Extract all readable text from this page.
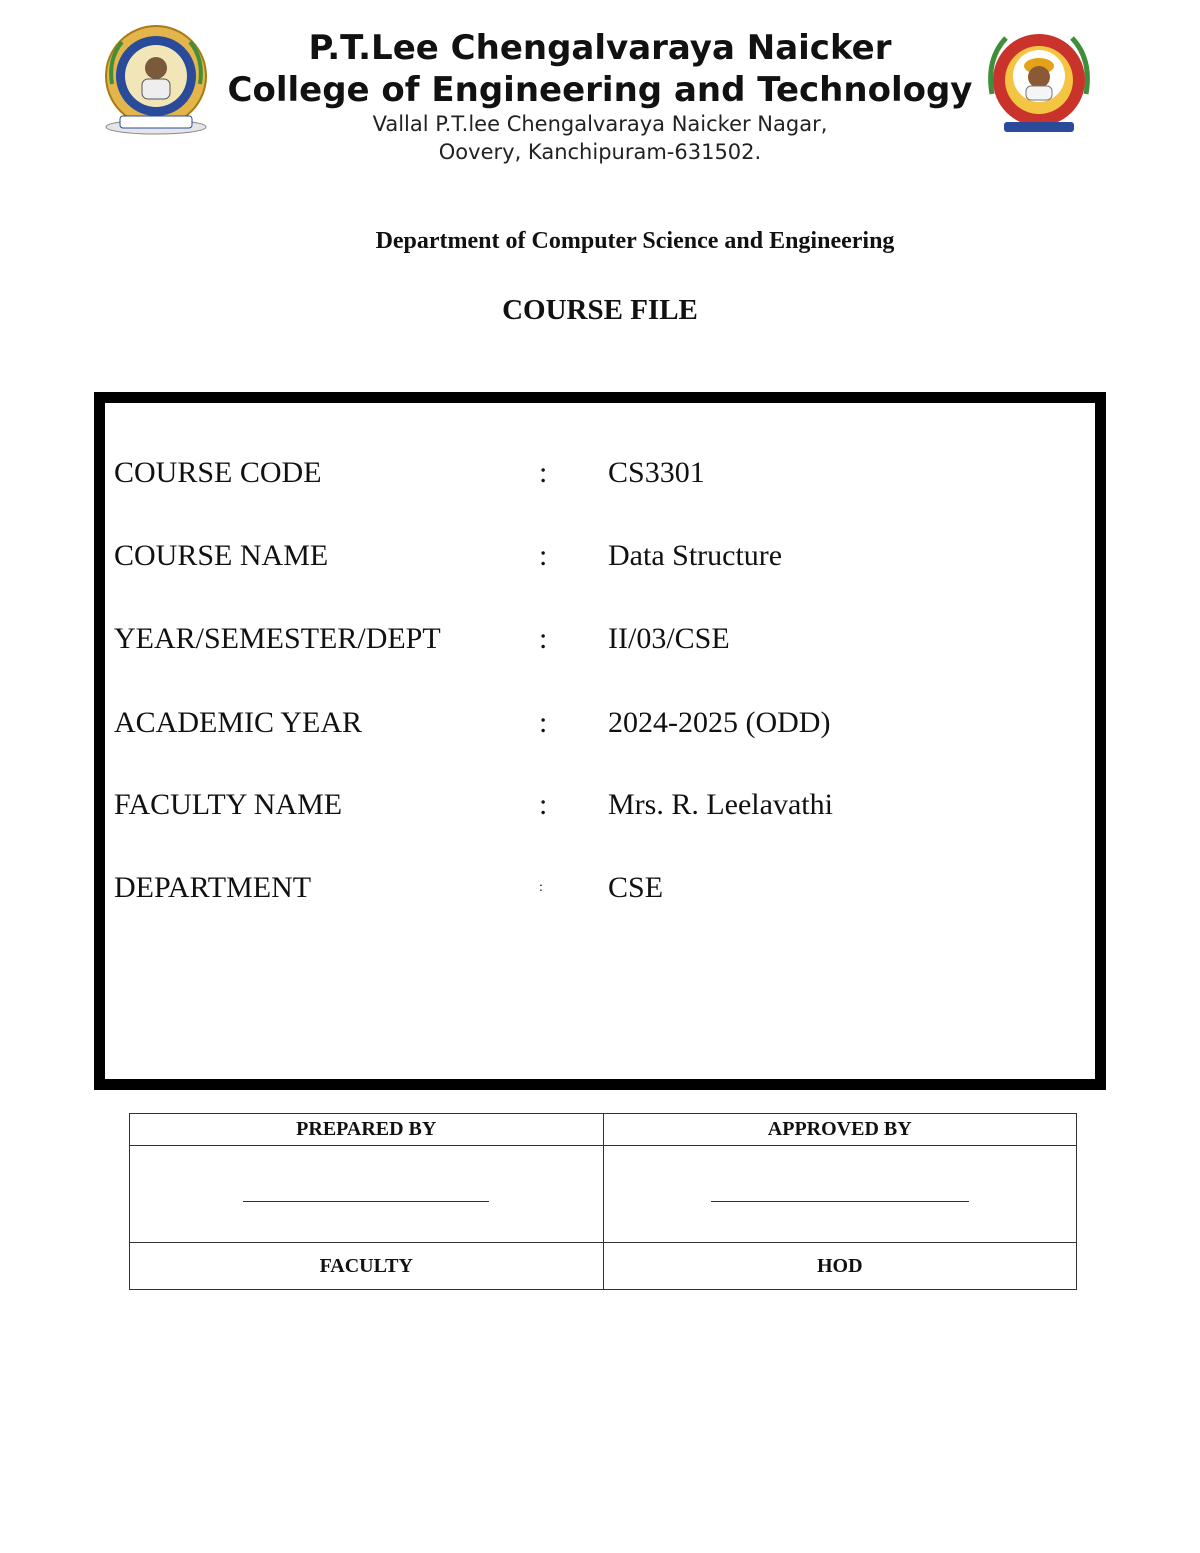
P.T.Lee Chengalvaraya Naicker
College of Engineering and Technology
Vallal P.T.lee Chengalvaraya Naicker Nagar,
Oovery, Kanchipuram-631502.
Department of Computer Science and Engineering
COURSE FILE
COURSE CODE	: CS3301
COURSE NAME	: Data Structure
YEAR/SEMESTER/DEPT	: II/03/CSE
ACADEMIC YEAR	: 2024-2025 (ODD)
FACULTY NAME	: Mrs. R. Leelavathi
DEPARTMENT	: CSE
PREPARED BY	APPROVED BY

FACULTY	HOD
